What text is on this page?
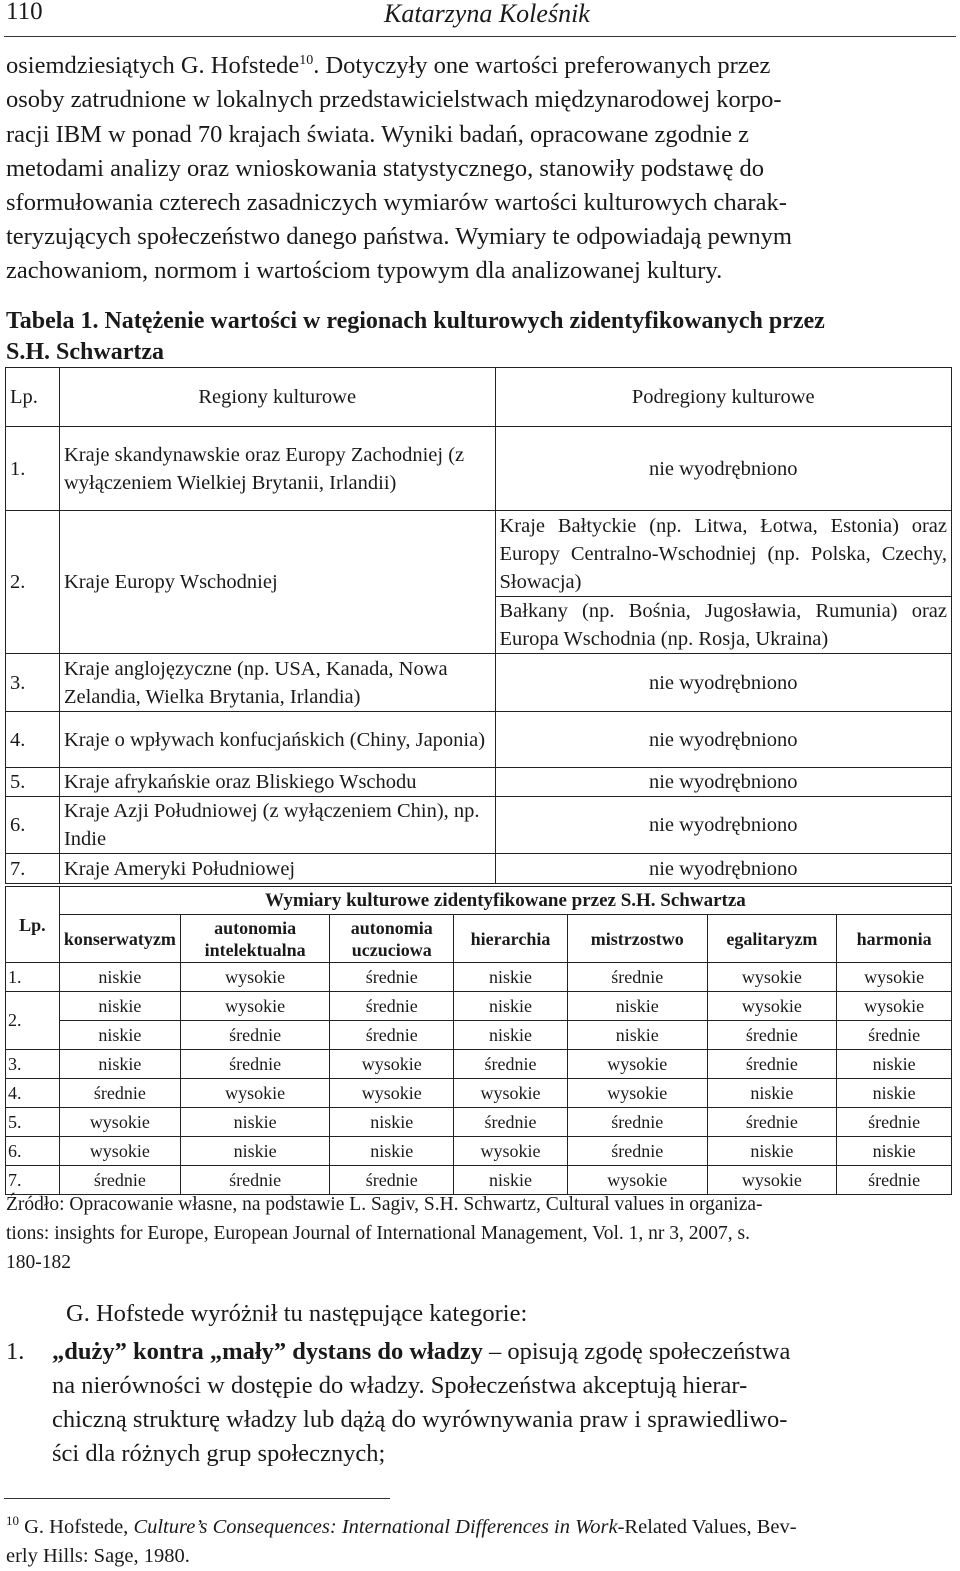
110	Katarzyna Koleśnik
osiemdziesiątych G. Hofstede$^{10}$. Dotyczyły one wartości preferowanych przez
osoby zatrudnione w lokalnych przedstawicielstwach międzynarodowej korpo-
racji IBM w ponad 70 krajach świata. Wyniki badań, opracowane zgodnie z
metodami analizy oraz wnioskowania statystycznego, stanowiły podstawę do
sformułowania czterech zasadniczych wymiarów wartości kulturowych charak-
teryzujących społeczeństwo danego państwa. Wymiary te odpowiadają pewnym
zachowaniom, normom i wartościom typowym dla analizowanej kultury.
Tabela 1. Natężenie wartości w regionach kulturowych zidentyfikowanych przez
S.H. Schwartza
Lp.	Regiony kulturowe	Podregiony kulturowe
1.	Kraje skandynawskie oraz Europy Zachodniej (z wyłączeniem Wielkiej Brytanii, Irlandii)	nie wyodrębniono
2.	Kraje Europy Wschodniej	Kraje Bałtyckie (np. Litwa, Łotwa, Estonia) oraz Europy Centralno-Wschodniej (np. Polska, Czechy, Słowacja)
		Bałkany (np. Bośnia, Jugosławia, Rumunia) oraz Europa Wschodnia (np. Rosja, Ukraina)
3.	Kraje anglojęzyczne (np. USA, Kanada, Nowa Zelandia, Wielka Brytania, Irlandia)	nie wyodrębniono
4.	Kraje o wpływach konfucjańskich (Chiny, Japonia)	nie wyodrębniono
5.	Kraje afrykańskie oraz Bliskiego Wschodu	nie wyodrębniono
6.	Kraje Azji Południowej (z wyłączeniem Chin), np. Indie	nie wyodrębniono
7.	Kraje Ameryki Południowej	nie wyodrębniono
Lp.	Wymiary kulturowe zidentyfikowane przez S.H. Schwartza						
	konserwatyzm	autonomia intelektualna	autonomia uczuciowa	hierarchia	mistrzostwo	egalitaryzm	harmonia
1.	niskie	wysokie	średnie	niskie	średnie	wysokie	wysokie
2.	niskie	wysokie	średnie	niskie	niskie	wysokie	wysokie
	niskie	średnie	średnie	niskie	niskie	średnie	średnie
3.	niskie	średnie	wysokie	średnie	wysokie	średnie	niskie
4.	średnie	wysokie	wysokie	wysokie	wysokie	niskie	niskie
5.	wysokie	niskie	niskie	średnie	średnie	średnie	średnie
6.	wysokie	niskie	niskie	wysokie	średnie	niskie	niskie
7.	średnie	średnie	średnie	niskie	wysokie	wysokie	średnie
Źródło: Opracowanie własne, na podstawie L. Sagiv, S.H. Schwartz, Cultural values in organiza-
tions: insights for Europe, European Journal of International Management, Vol. 1, nr 3, 2007, s.
180-182
G. Hofstede wyróżnił tu następujące kategorie:
1. „duży” kontra „mały” dystans do władzy – opisują zgodę społeczeństwa
na nierówności w dostępie do władzy. Społeczeństwa akceptują hierar-
chiczną strukturę władzy lub dążą do wyrównywania praw i sprawiedliwo-
ści dla różnych grup społecznych;
$^{10}$ G. Hofstede, Culture’s Consequences: International Differences in Work-Related Values, Bev-
erly Hills: Sage, 1980.
